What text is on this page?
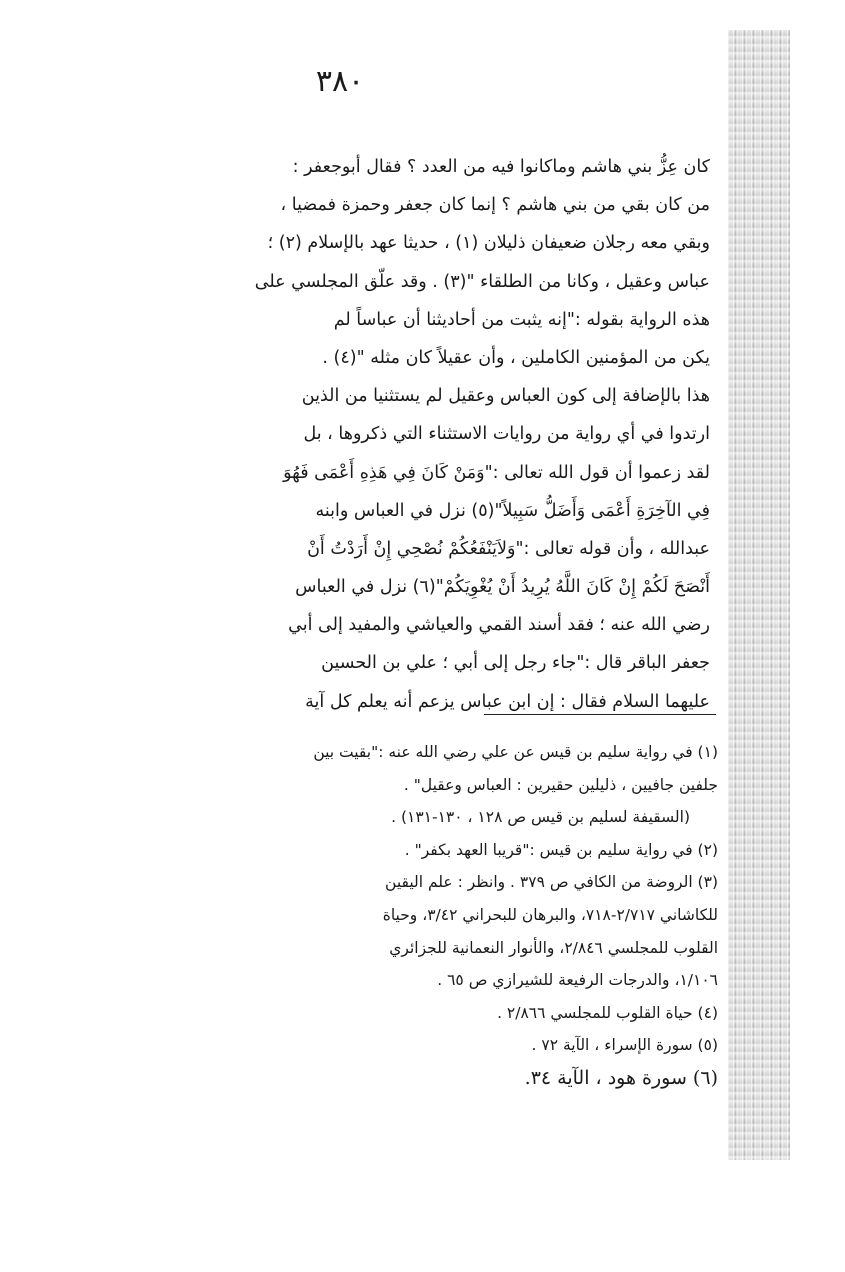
٣٨٠
كان عِزُّ بني هاشم وماكانوا فيه من العدد ؟ فقال أبوجعفر :
من كان بقي من بني هاشم ؟ إنما كان جعفر وحمزة فمضيا ،
وبقي معه رجلان ضعيفان ذليلان (١) ، حديثا عهد بالإسلام (٢) ؛
عباس وعقيل ، وكانا من الطلقاء "(٣) . وقد علّق المجلسي على
هذه الرواية بقوله :"إنه يثبت من أحاديثنا أن عباساً لم
يكن من المؤمنين الكاملين ، وأن عقيلاً كان مثله "(٤) .
هذا بالإضافة إلى كون العباس وعقيل لم يستثنيا من الذين
ارتدوا في أي رواية من روايات الاستثناء التي ذكروها ، بل
لقد زعموا أن قول الله تعالى :"وَمَنْ كَانَ فِي هَذِهِ أَعْمَى فَهُوَ
فِي الآخِرَةِ أَعْمَى وَأَضَلُّ سَبِيلاً"(٥) نزل في العباس وابنه
عبدالله ، وأن قوله تعالى :"وَلاَيَنْفَعُكُمْ نُصْحِي إِنْ أَرَدْتُ أَنْ
أَنْصَحَ لَكُمْ إِنْ كَانَ اللَّهُ يُرِيدُ أَنْ يُغْوِيَكُمْ"(٦) نزل في العباس
رضي الله عنه ؛ فقد أسند القمي والعياشي والمفيد إلى أبي
جعفر الباقر قال :"جاء رجل إلى أبي ؛ علي بن الحسين
عليهما السلام فقال : إن ابن عباس يزعم أنه يعلم كل آية
(١) في رواية سليم بن قيس عن علي رضي الله عنه :"بقيت بين
جلفين جافيين ، ذليلين حقيرين : العباس وعقيل" .
(السقيفة لسليم بن قيس ص ١٢٨ ، ١٣٠-١٣١) .
(٢) في رواية سليم بن قيس :"قريبا العهد بكفر" .
(٣) الروضة من الكافي ص ٣٧٩ . وانظر : علم اليقين
للكاشاني ٢/٧١٧-٧١٨، والبرهان للبحراني ٣/٤٢، وحياة
القلوب للمجلسي ٢/٨٤٦، والأنوار النعمانية للجزائري
١/١٠٦، والدرجات الرفيعة للشيرازي ص ٦٥ .
(٤) حياة القلوب للمجلسي ٢/٨٦٦ .
(٥) سورة الإسراء ، الآية ٧٢ .
(٦) سورة هود ، الآية ٣٤.
